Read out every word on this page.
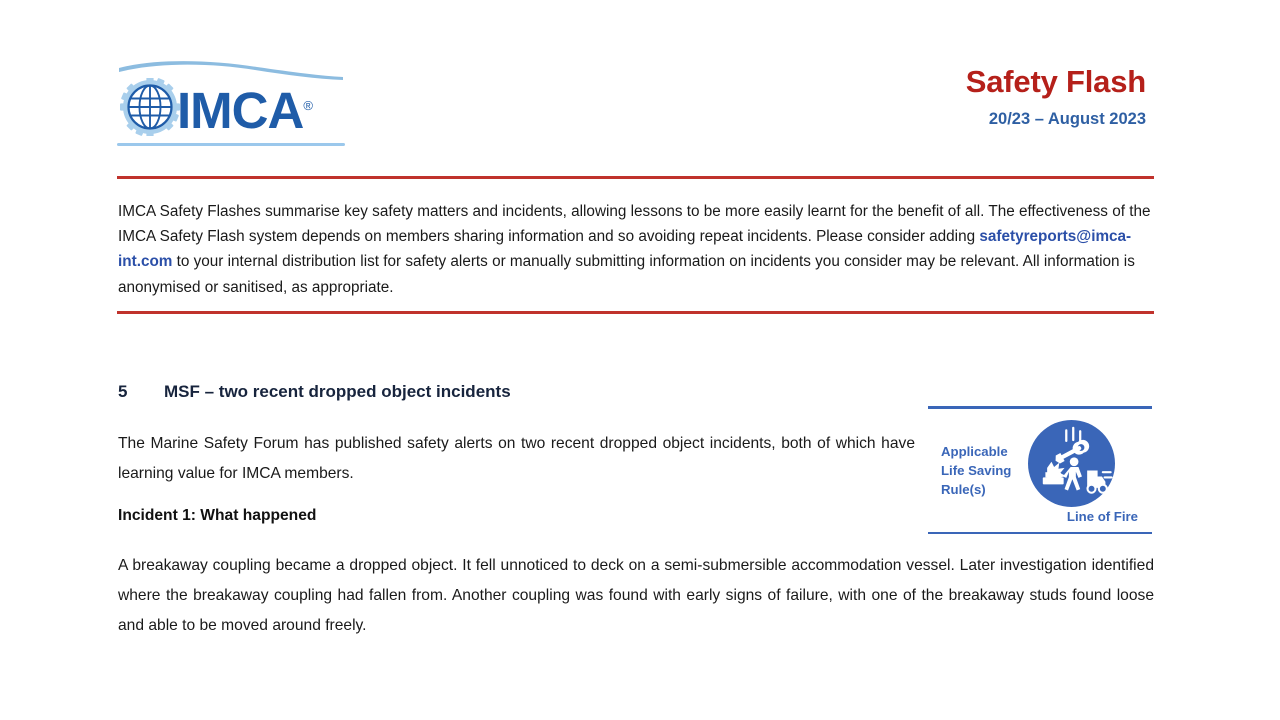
IMCA®
Safety Flash
20/23 – August 2023
IMCA Safety Flashes summarise key safety matters and incidents, allowing lessons to be more easily learnt for the benefit of all. The effectiveness of the IMCA Safety Flash system depends on members sharing information and so avoiding repeat incidents. Please consider adding safetyreports@imca-int.com to your internal distribution list for safety alerts or manually submitting information on incidents you consider may be relevant. All information is anonymised or sanitised, as appropriate.
5 MSF – two recent dropped object incidents
The Marine Safety Forum has published safety alerts on two recent dropped object incidents, both of which have learning value for IMCA members.
Incident 1: What happened
A breakaway coupling became a dropped object. It fell unnoticed to deck on a semi-submersible accommodation vessel. Later investigation identified where the breakaway coupling had fallen from. Another coupling was found with early signs of failure, with one of the breakaway studs found loose and able to be moved around freely.
Applicable
Life Saving
Rule(s)
Line of Fire
